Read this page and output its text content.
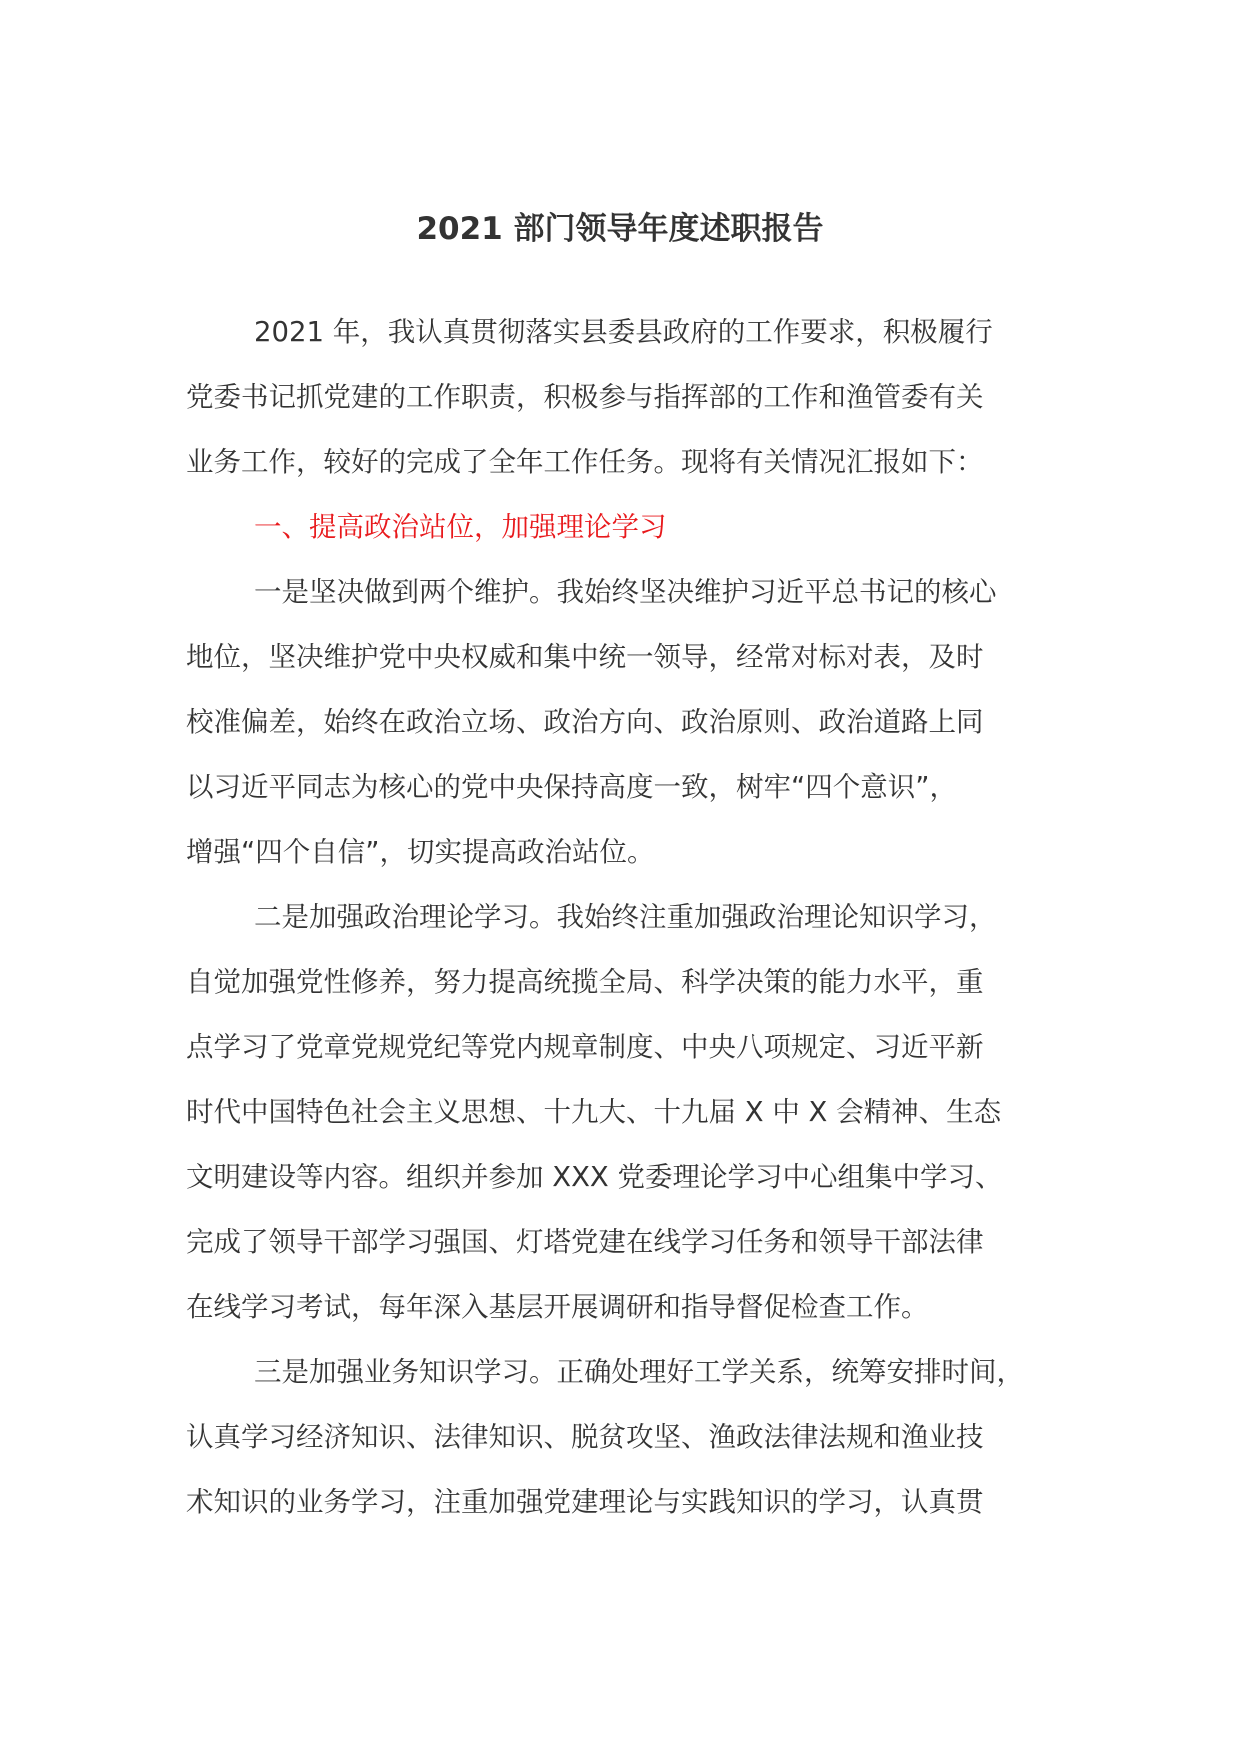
2021 部门领导年度述职报告

2021 年，我认真贯彻落实县委县政府的工作要求，积极履行
党委书记抓党建的工作职责，积极参与指挥部的工作和渔管委有关
业务工作，较好的完成了全年工作任务。现将有关情况汇报如下：

一、提高政治站位，加强理论学习

一是坚决做到两个维护。我始终坚决维护习近平总书记的核心
地位，坚决维护党中央权威和集中统一领导，经常对标对表，及时
校准偏差，始终在政治立场、政治方向、政治原则、政治道路上同
以习近平同志为核心的党中央保持高度一致，树牢“四个意识”，
增强“四个自信”，切实提高政治站位。

二是加强政治理论学习。我始终注重加强政治理论知识学习，
自觉加强党性修养，努力提高统揽全局、科学决策的能力水平，重
点学习了党章党规党纪等党内规章制度、中央八项规定、习近平新
时代中国特色社会主义思想、十九大、十九届 X 中 X 会精神、生态
文明建设等内容。组织并参加 XXX 党委理论学习中心组集中学习、
完成了领导干部学习强国、灯塔党建在线学习任务和领导干部法律
在线学习考试，每年深入基层开展调研和指导督促检查工作。

三是加强业务知识学习。正确处理好工学关系，统筹安排时间，
认真学习经济知识、法律知识、脱贫攻坚、渔政法律法规和渔业技
术知识的业务学习，注重加强党建理论与实践知识的学习，认真贯
